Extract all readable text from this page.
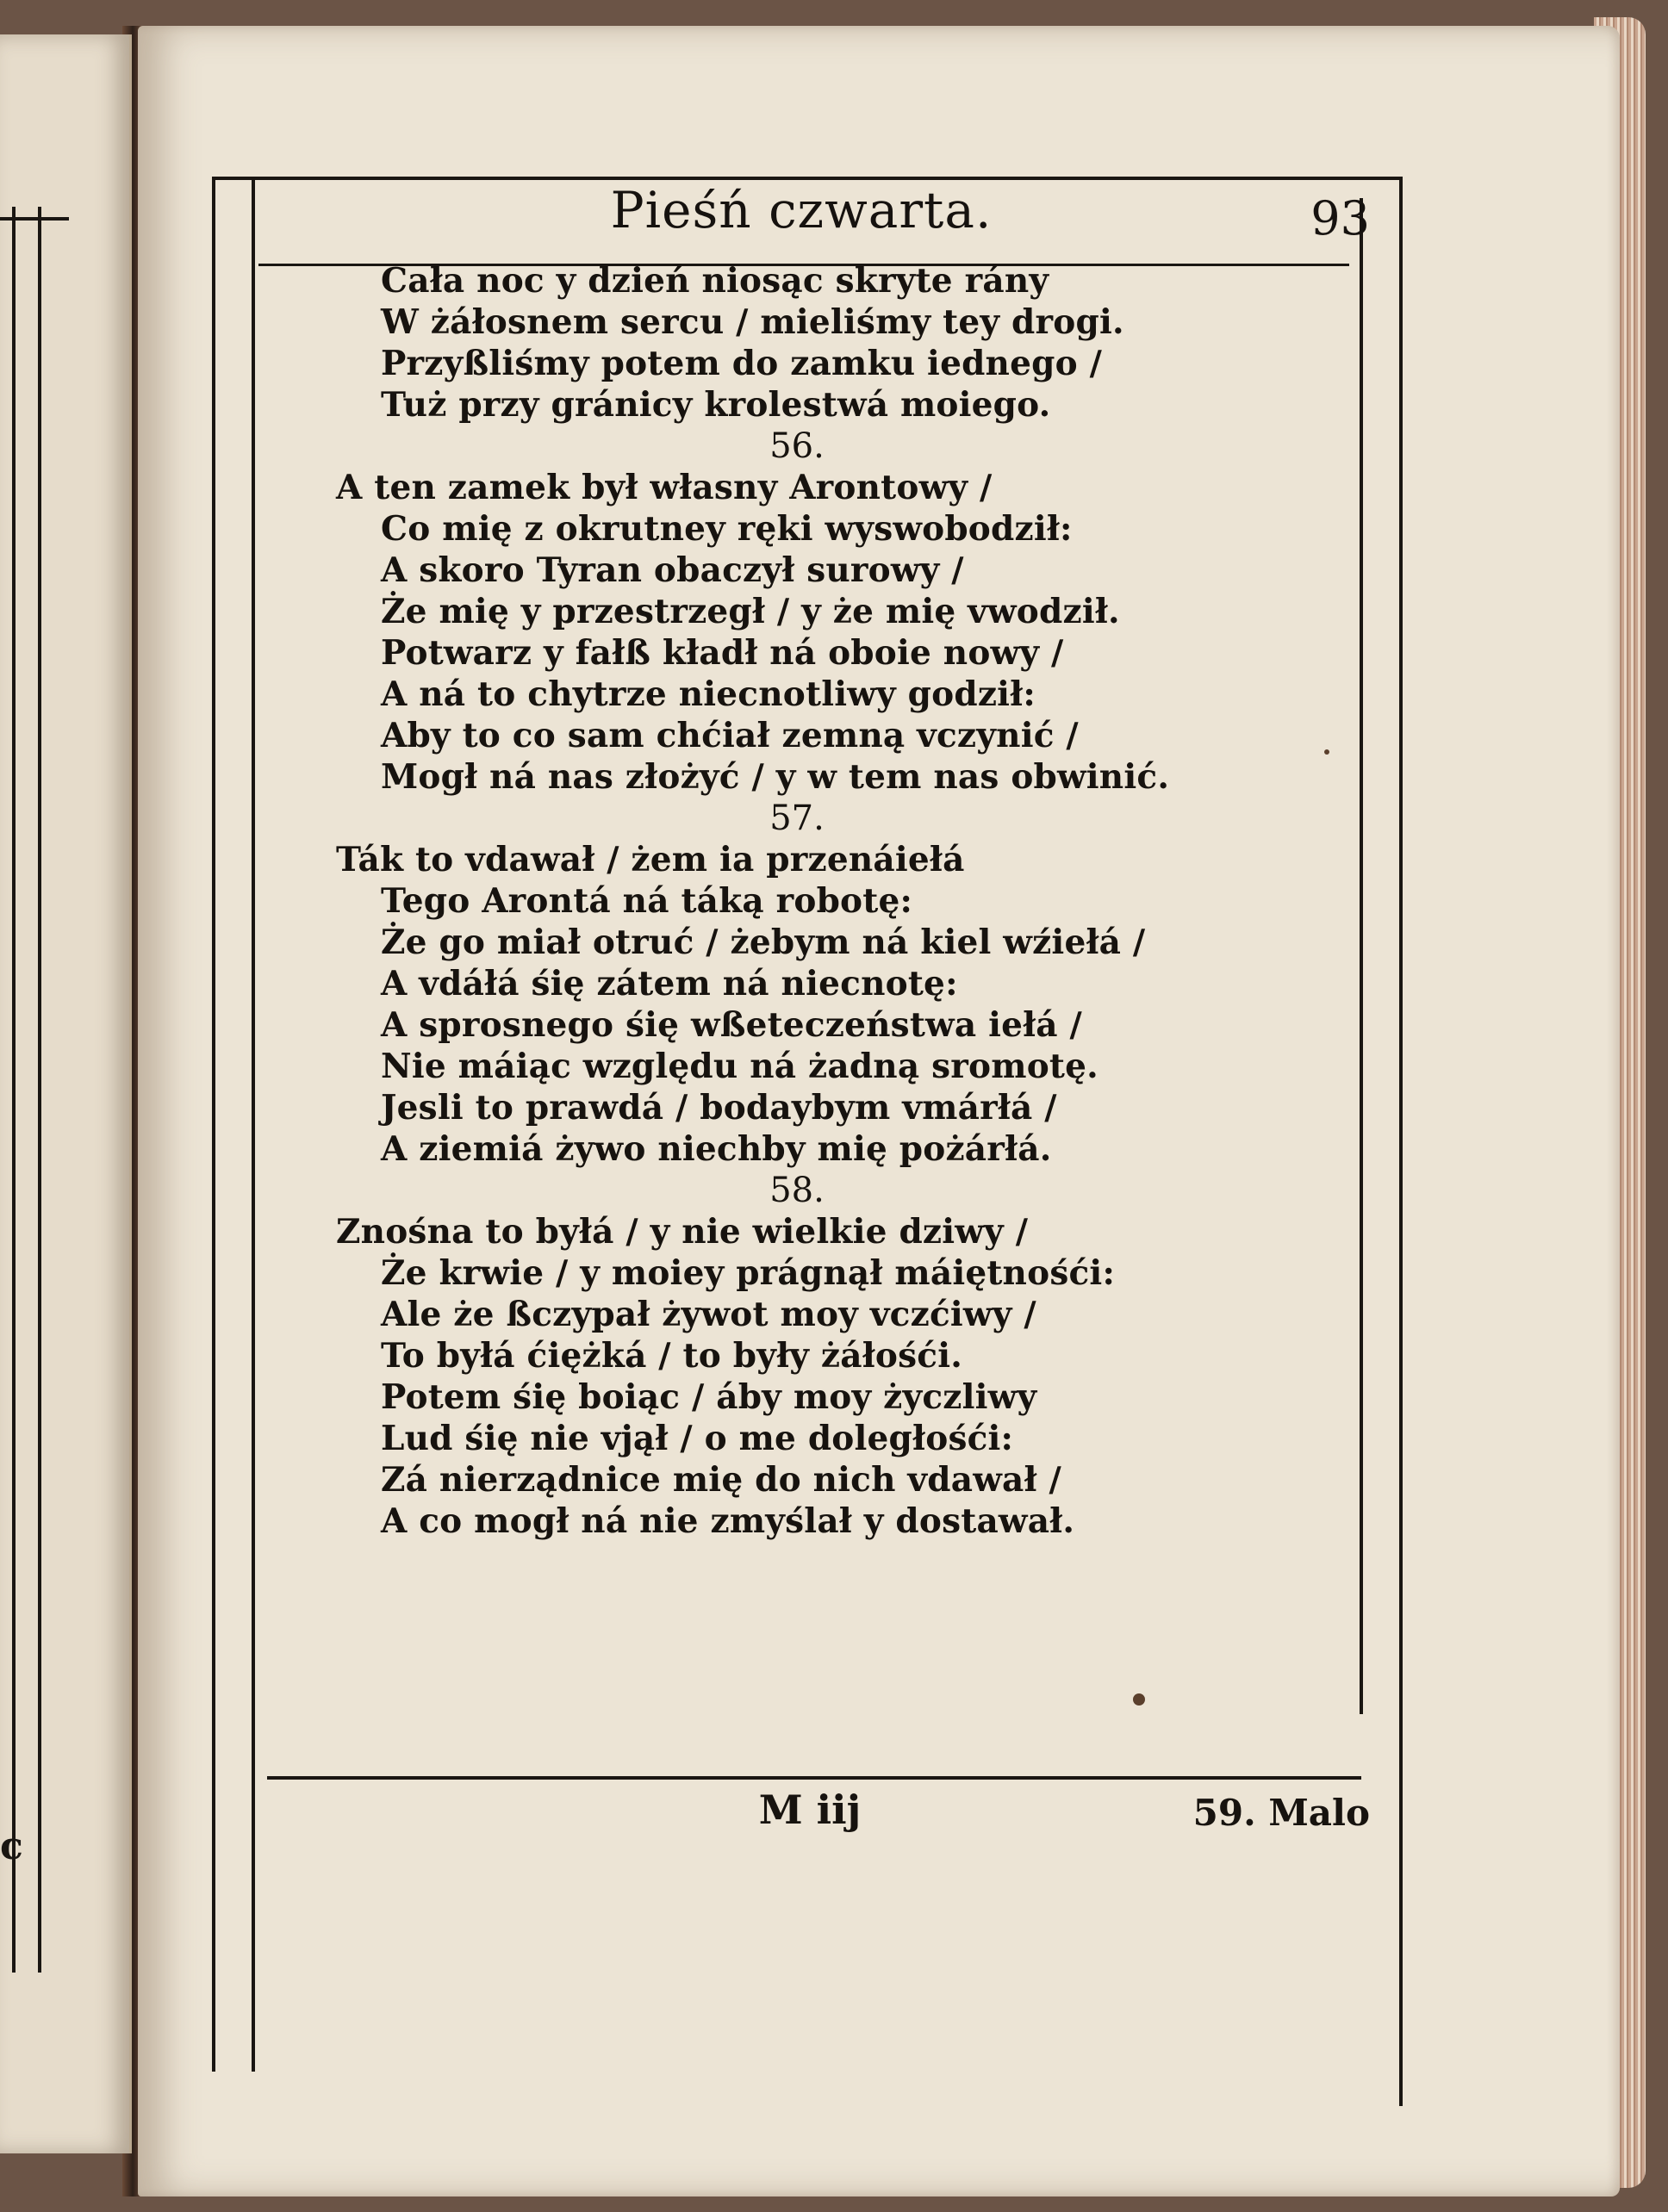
c
Pieśń czwarta.	93
Cała noc y dzień niosąc skryte rány
W żáłosnem sercu / mieliśmy tey drogi.
Przyßliśmy potem do zamku iednego /
Tuż przy gránicy krolestwá moiego.
56.
A ten zamek był własny Arontowy /
Co mię z okrutney ręki wyswobodził:
A skoro Tyran obaczył surowy /
Że mię y przestrzegł / y że mię vwodził.
Potwarz y fałß kładł ná oboie nowy /
A ná to chytrze niecnotliwy godził:
Aby to co sam chćiał zemną vczynić /
Mogł ná nas złożyć / y w tem nas obwinić.
57.
Ták to vdawał / żem ia przenáiełá
Tego Arontá ná táką robotę:
Że go miał otruć / żebym ná kiel wźiełá /
A vdáłá śię zátem ná niecnotę:
A sprosnego śię wßeteczeństwa iełá /
Nie máiąc względu ná żadną sromotę.
Jesli to prawdá / bodaybym vmárłá /
A ziemiá żywo niechby mię pożárłá.
58.
Znośna to byłá / y nie wielkie dziwy /
Że krwie / y moiey prágnął máiętnośći:
Ale że ßczypał żywot moy vczćiwy /
To byłá ćiężká / to były żáłośći.
Potem śię boiąc / áby moy życzliwy
Lud śię nie vjął / o me doległośći:
Zá nierządnice mię do nich vdawał /
A co mogł ná nie zmyślał y dostawał.
M iij	59. Malo
